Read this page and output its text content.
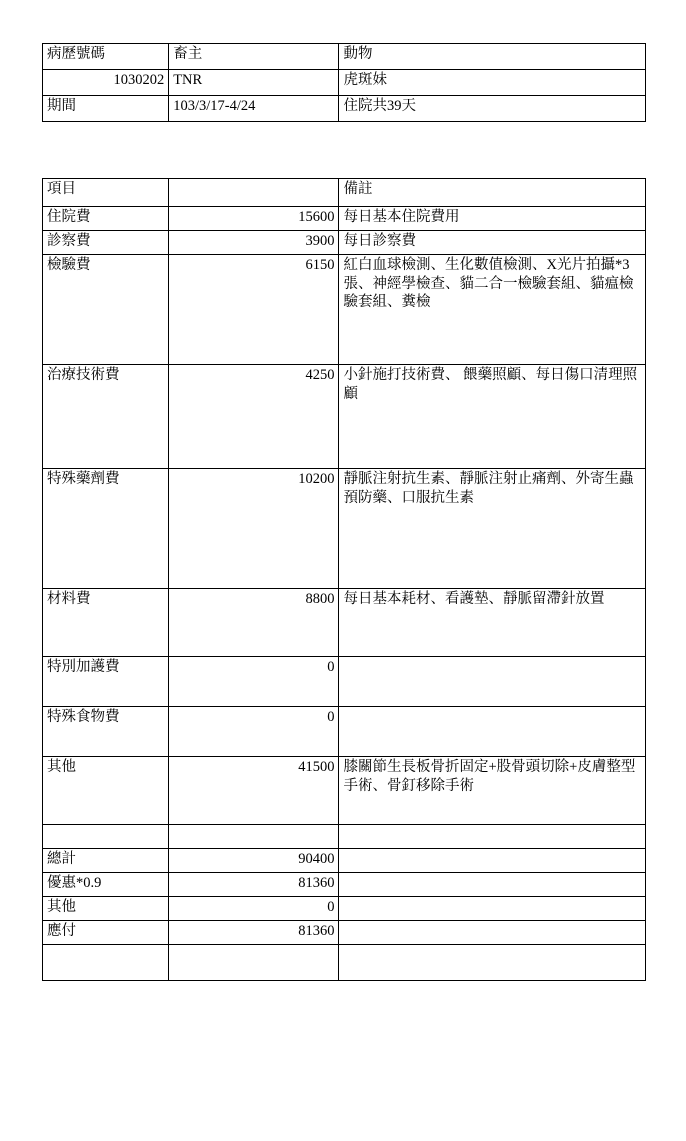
病歷號碼	畜主	動物
1030202	TNR	虎斑妹
期間	103/3/17-4/24	住院共39天
項目		備註
住院費	15600	每日基本住院費用
診察費	3900	每日診察費
檢驗費	6150	紅白血球檢測、生化數值檢測、X光片拍攝*3張、神經學檢查、貓二合一檢驗套組、貓瘟檢驗套組、糞檢
治療技術費	4250	小針施打技術費、 餵藥照顧、每日傷口清理照顧
特殊藥劑費	10200	靜脈注射抗生素、靜脈注射止痛劑、外寄生蟲預防藥、口服抗生素
材料費	8800	每日基本耗材、看護墊、靜脈留滯針放置
特別加護費	0	
特殊食物費	0	
其他	41500	膝關節生長板骨折固定+股骨頭切除+皮膚整型手術、骨釘移除手術

總計	90400	
優惠*0.9	81360	
其他	0	
應付	81360	
